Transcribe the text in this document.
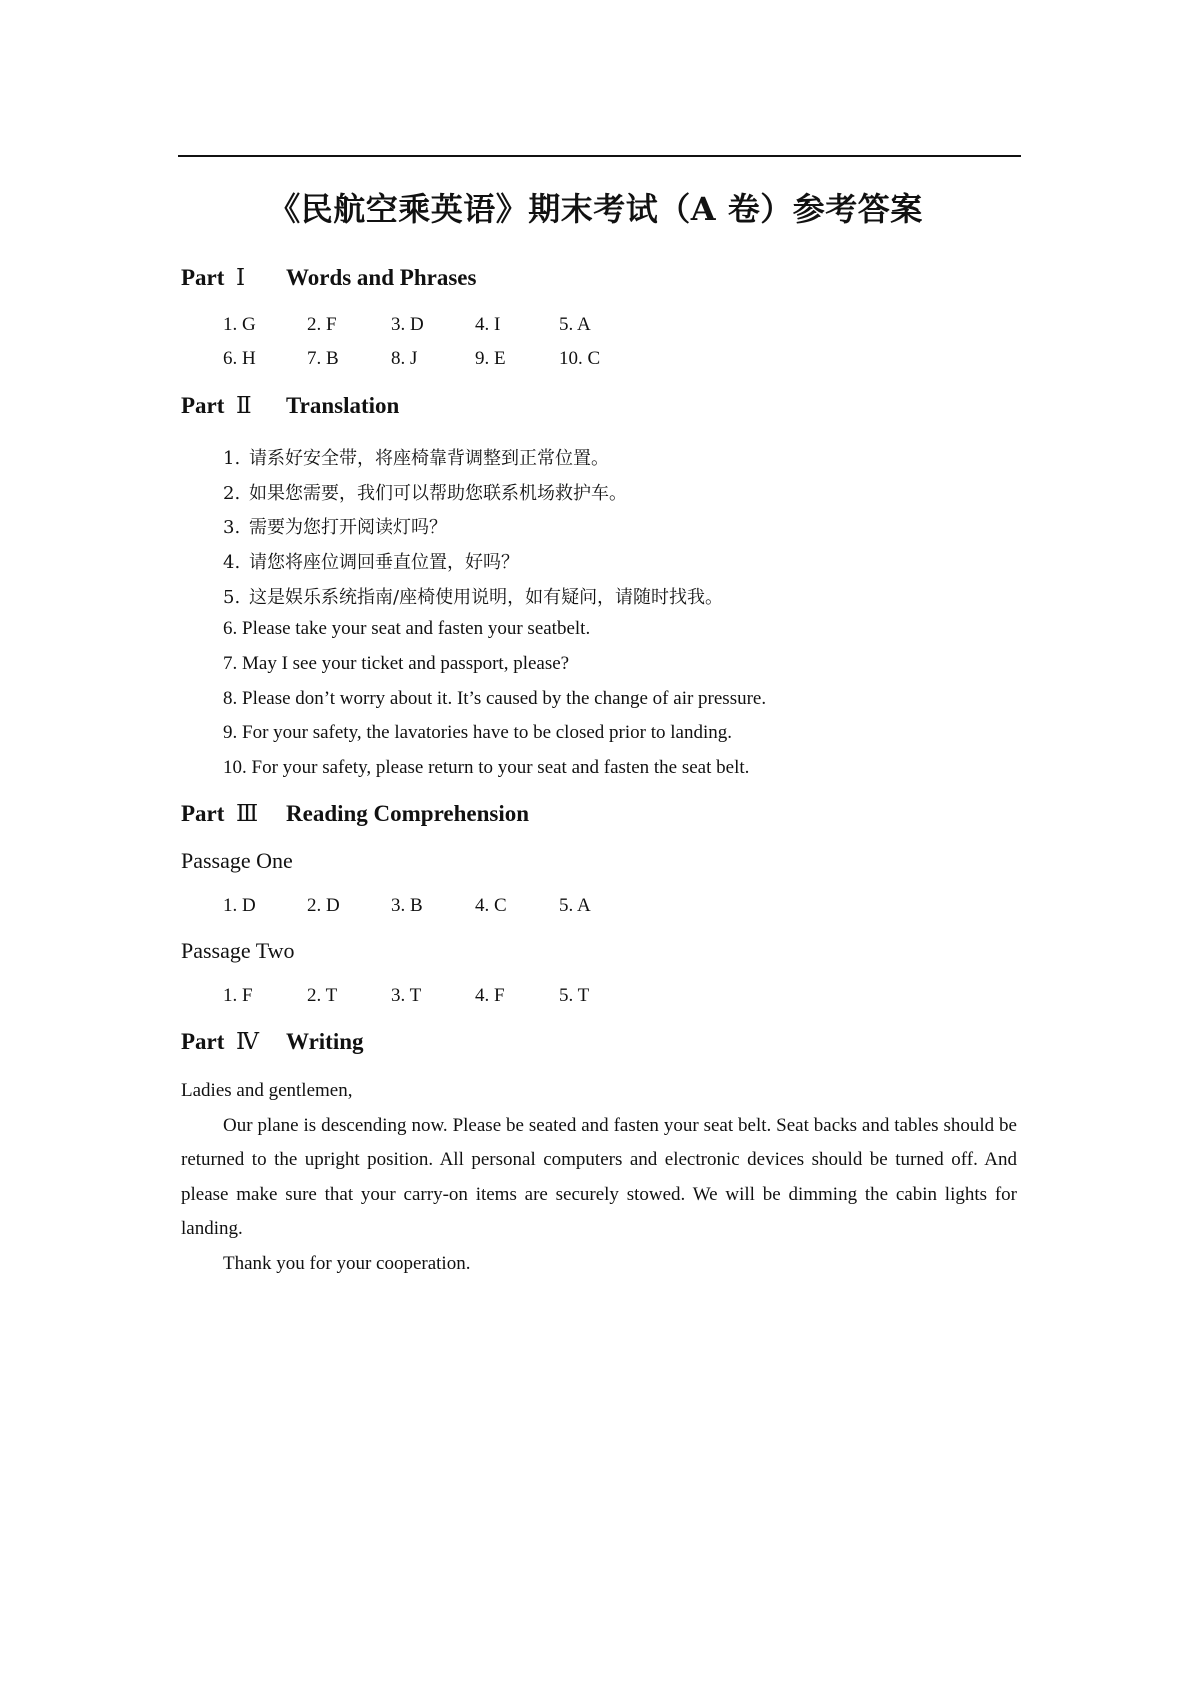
《民航空乘英语》期末考试（A 卷）参考答案
Part Ⅰ Words and Phrases
1. G	2. F	3. D	4. I	5. A
6. H	7. B	8. J	9. E	10. C
Part Ⅱ Translation
1. 请系好安全带，将座椅靠背调整到正常位置。
2. 如果您需要，我们可以帮助您联系机场救护车。
3. 需要为您打开阅读灯吗？
4. 请您将座位调回垂直位置，好吗？
5. 这是娱乐系统指南/座椅使用说明，如有疑问，请随时找我。
6. Please take your seat and fasten your seatbelt.
7. May I see your ticket and passport, please?
8. Please don’t worry about it. It’s caused by the change of air pressure.
9. For your safety, the lavatories have to be closed prior to landing.
10. For your safety, please return to your seat and fasten the seat belt.
Part Ⅲ Reading Comprehension
Passage One
1. D	2. D	3. B	4. C	5. A
Passage Two
1. F	2. T	3. T	4. F	5. T
Part Ⅳ Writing

Ladies and gentlemen,

Our plane is descending now. Please be seated and fasten your seat belt. Seat backs and tables should be returned to the upright position. All personal computers and electronic devices should be turned off. And please make sure that your carry-on items are securely stowed. We will be dimming the cabin lights for landing.

Thank you for your cooperation.
